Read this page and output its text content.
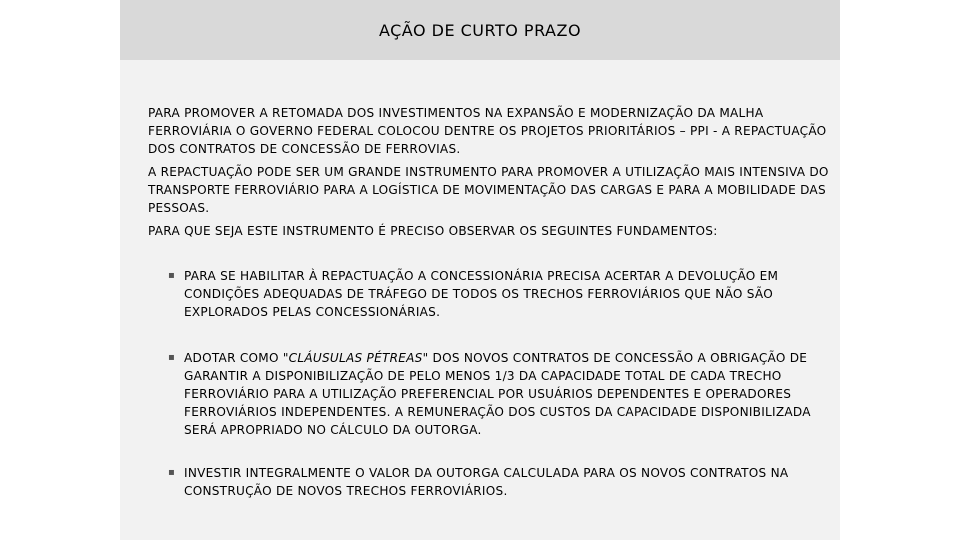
AÇÃO DE CURTO PRAZO

PARA PROMOVER A RETOMADA DOS INVESTIMENTOS NA EXPANSÃO E MODERNIZAÇÃO DA MALHA FERROVIÁRIA O GOVERNO FEDERAL COLOCOU DENTRE OS PROJETOS PRIORITÁRIOS – PPI - A REPACTUAÇÃO DOS CONTRATOS DE CONCESSÃO DE FERROVIAS.

A REPACTUAÇÃO PODE SER UM GRANDE INSTRUMENTO PARA PROMOVER A UTILIZAÇÃO MAIS INTENSIVA DO TRANSPORTE FERROVIÁRIO PARA A LOGÍSTICA DE MOVIMENTAÇÃO DAS CARGAS E PARA A MOBILIDADE DAS PESSOAS.

PARA QUE SEJA ESTE INSTRUMENTO É PRECISO OBSERVAR OS SEGUINTES FUNDAMENTOS:

▪ PARA SE HABILITAR À REPACTUAÇÃO A CONCESSIONÁRIA PRECISA ACERTAR A DEVOLUÇÃO EM CONDIÇÕES ADEQUADAS DE TRÁFEGO DE TODOS OS TRECHOS FERROVIÁRIOS QUE NÃO SÃO EXPLORADOS PELAS CONCESSIONÁRIAS.
▪ ADOTAR COMO "CLÁUSULAS PÉTREAS" DOS NOVOS CONTRATOS DE CONCESSÃO A OBRIGAÇÃO DE GARANTIR A DISPONIBILIZAÇÃO DE PELO MENOS 1/3 DA CAPACIDADE TOTAL DE CADA TRECHO FERROVIÁRIO PARA A UTILIZAÇÃO PREFERENCIAL POR USUÁRIOS DEPENDENTES E OPERADORES FERROVIÁRIOS INDEPENDENTES. A REMUNERAÇÃO DOS CUSTOS DA CAPACIDADE DISPONIBILIZADA SERÁ APROPRIADO NO CÁLCULO DA OUTORGA.
▪ INVESTIR INTEGRALMENTE O VALOR DA OUTORGA CALCULADA PARA OS NOVOS CONTRATOS NA CONSTRUÇÃO DE NOVOS TRECHOS FERROVIÁRIOS.
